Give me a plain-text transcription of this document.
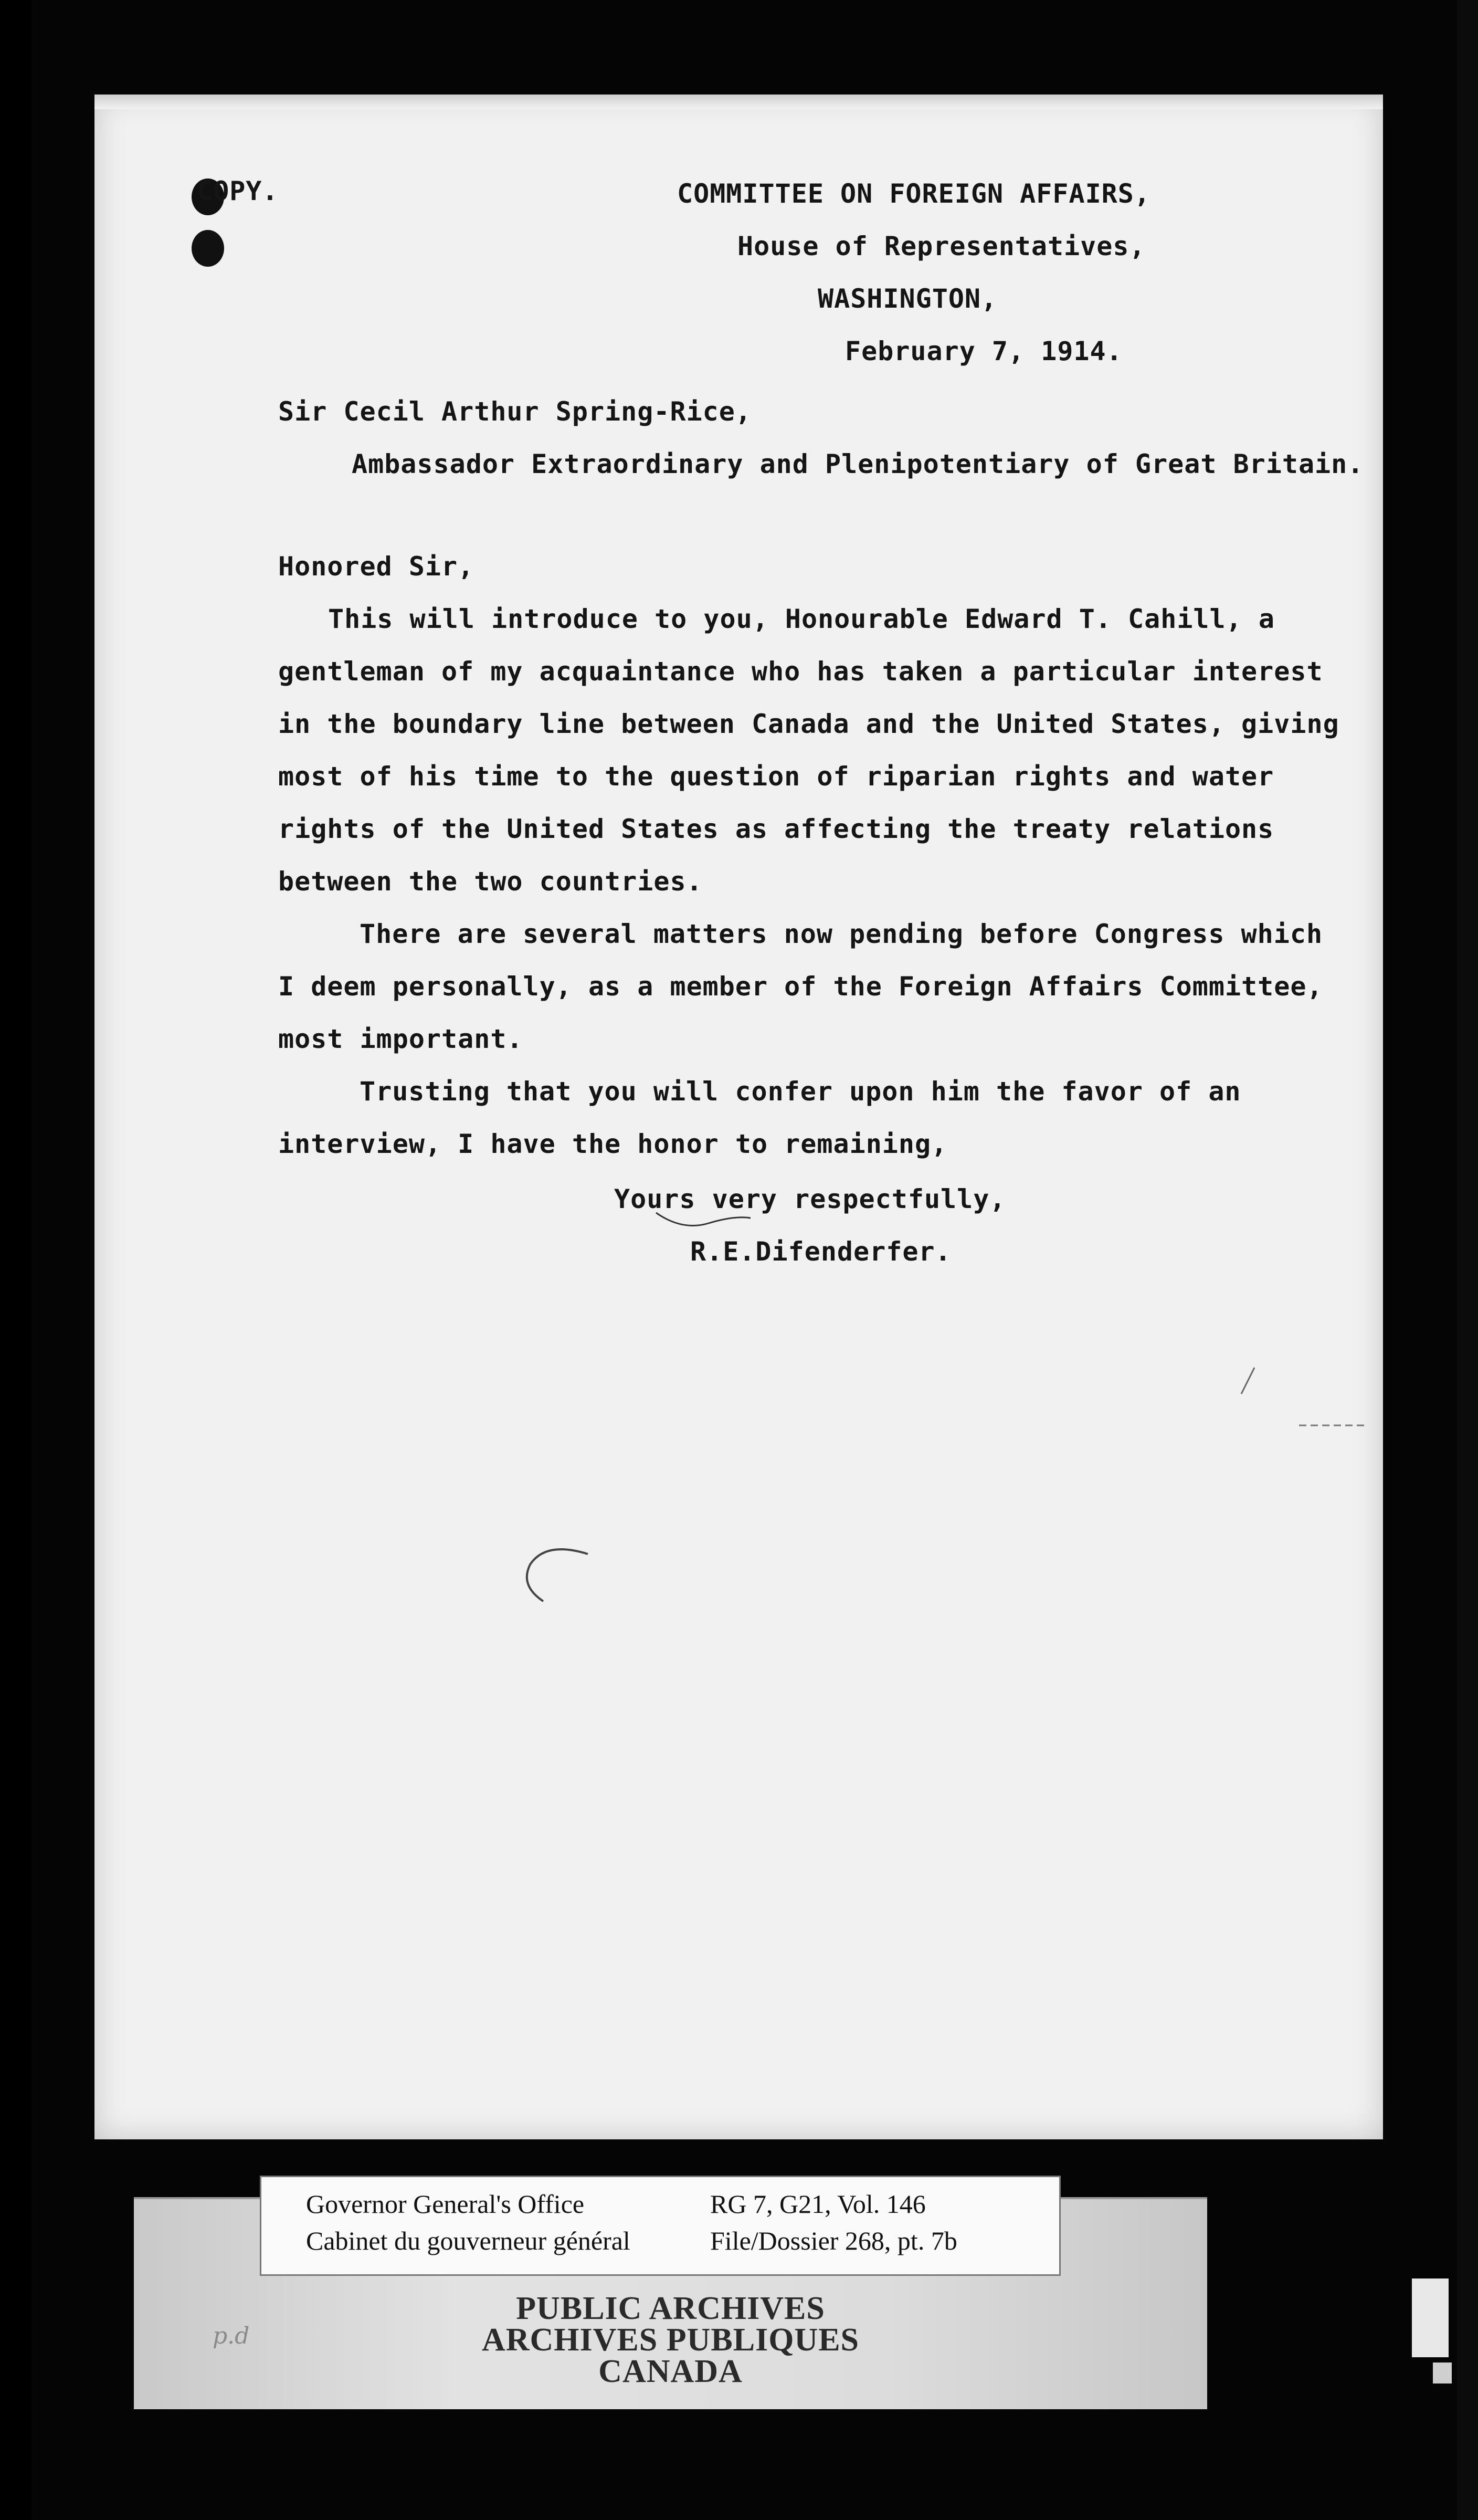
COPY.	COMMITTEE ON FOREIGN AFFAIRS,
House of Representatives,
WASHINGTON,
February 7, 1914.
Sir Cecil Arthur Spring-Rice,
Ambassador Extraordinary and Plenipotentiary of Great Britain.
Honored Sir,
This will introduce to you, Honourable Edward T. Cahill, a
gentleman of my acquaintance who has taken a particular interest
in the boundary line between Canada and the United States, giving
most of his time to the question of riparian rights and water
rights of the United States as affecting the treaty relations
between the two countries.
There are several matters now pending before Congress which
I deem personally, as a member of the Foreign Affairs Committee,
most important.
Trusting that you will confer upon him the favor of an
interview, I have the honor to remaining,
Yours very respectfully,
R.E.Difenderfer.
p.d
Governor General's Office
Cabinet du gouverneur général
RG 7, G21, Vol. 146
File/Dossier 268, pt. 7b
PUBLIC ARCHIVES
ARCHIVES PUBLIQUES
CANADA
